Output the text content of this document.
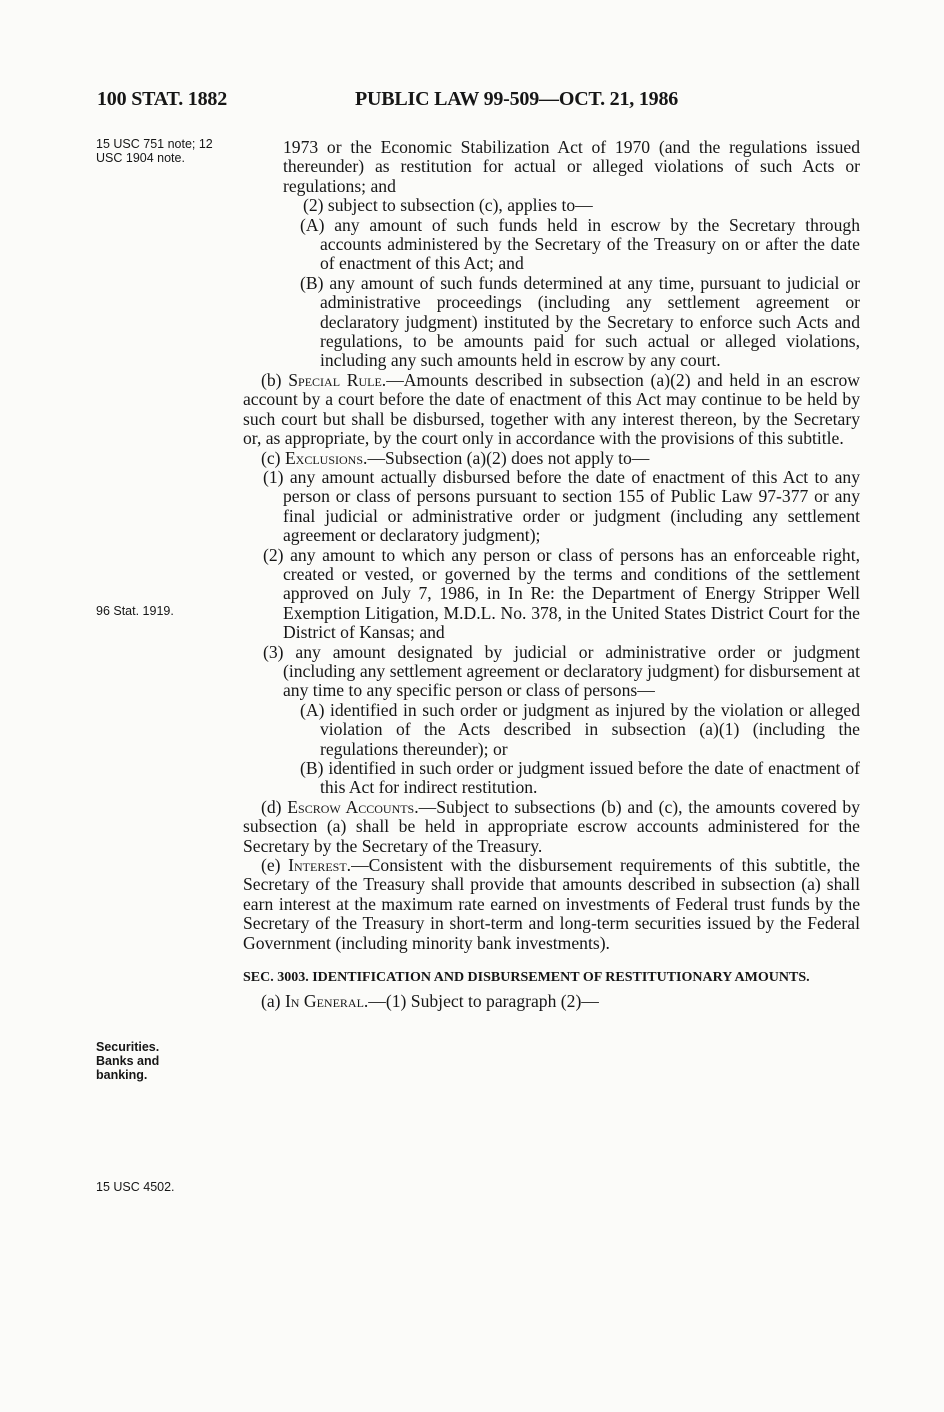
100 STAT. 1882	PUBLIC LAW 99-509—OCT. 21, 1986
15 USC 751 note; 12 USC 1904 note.
96 Stat. 1919.
Securities. Banks and banking.
15 USC 4502.

1973 or the Economic Stabilization Act of 1970 (and the regulations issued thereunder) as restitution for actual or alleged violations of such Acts or regulations; and

(2) subject to subsection (c), applies to—

(A) any amount of such funds held in escrow by the Secretary through accounts administered by the Secretary of the Treasury on or after the date of enactment of this Act; and

(B) any amount of such funds determined at any time, pursuant to judicial or administrative proceedings (including any settlement agreement or declaratory judgment) instituted by the Secretary to enforce such Acts and regulations, to be amounts paid for such actual or alleged violations, including any such amounts held in escrow by any court.

(b) Special Rule.—Amounts described in subsection (a)(2) and held in an escrow account by a court before the date of enactment of this Act may continue to be held by such court but shall be disbursed, together with any interest thereon, by the Secretary or, as appropriate, by the court only in accordance with the provisions of this subtitle.

(c) Exclusions.—Subsection (a)(2) does not apply to—

(1) any amount actually disbursed before the date of enactment of this Act to any person or class of persons pursuant to section 155 of Public Law 97-377 or any final judicial or administrative order or judgment (including any settlement agreement or declaratory judgment);

(2) any amount to which any person or class of persons has an enforceable right, created or vested, or governed by the terms and conditions of the settlement approved on July 7, 1986, in In Re: the Department of Energy Stripper Well Exemption Litigation, M.D.L. No. 378, in the United States District Court for the District of Kansas; and

(3) any amount designated by judicial or administrative order or judgment (including any settlement agreement or declaratory judgment) for disbursement at any time to any specific person or class of persons—

(A) identified in such order or judgment as injured by the violation or alleged violation of the Acts described in subsection (a)(1) (including the regulations thereunder); or

(B) identified in such order or judgment issued before the date of enactment of this Act for indirect restitution.

(d) Escrow Accounts.—Subject to subsections (b) and (c), the amounts covered by subsection (a) shall be held in appropriate escrow accounts administered for the Secretary by the Secretary of the Treasury.

(e) Interest.—Consistent with the disbursement requirements of this subtitle, the Secretary of the Treasury shall provide that amounts described in subsection (a) shall earn interest at the maximum rate earned on investments of Federal trust funds by the Secretary of the Treasury in short-term and long-term securities issued by the Federal Government (including minority bank investments).

SEC. 3003. IDENTIFICATION AND DISBURSEMENT OF RESTITUTIONARY AMOUNTS.

(a) In General.—(1) Subject to paragraph (2)—
